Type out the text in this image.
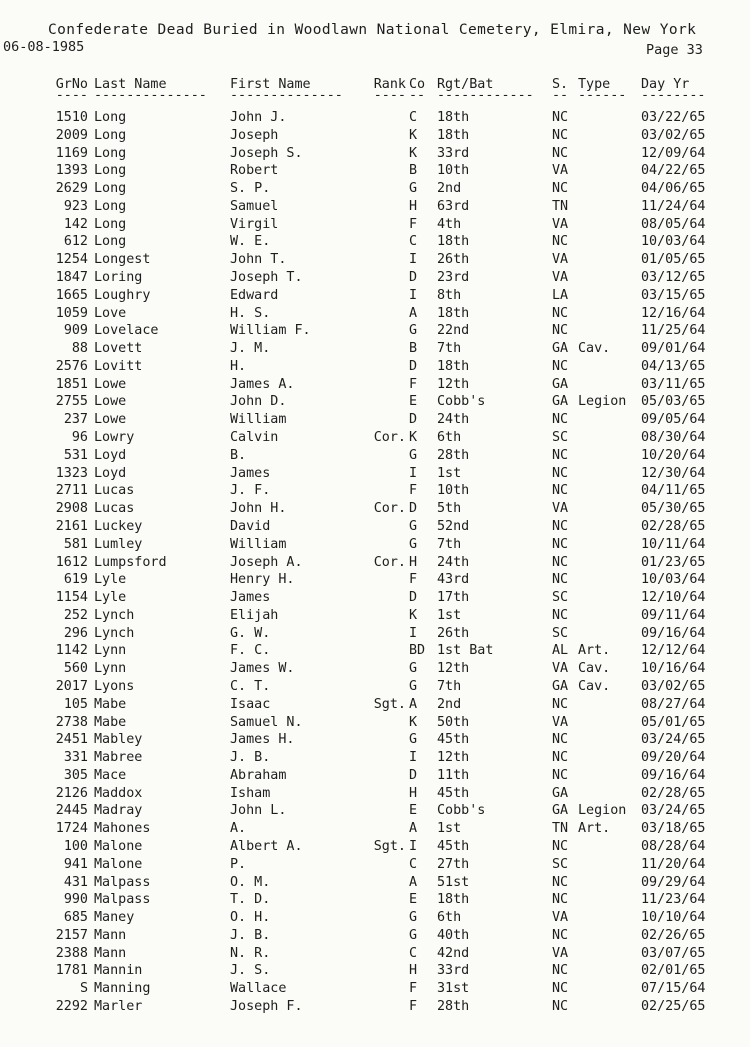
Confederate Dead Buried in Woodlawn National Cemetery, Elmira, New York
06-08-1985	Page 33
GrNo Last Name	First Name	Rank Co Rgt/Bat	S. Type Day Yr
---- -------------- --------------	---- -- ------------ -- ------ --------
1510 Long	John J.	C 18th	NC	03/22/65
2009 Long	Joseph	K 18th	NC	03/02/65
1169 Long	Joseph S.	K 33rd	NC	12/09/64
1393 Long	Robert	B 10th	VA	04/22/65
2629 Long	S. P.	G 2nd	NC	04/06/65
923 Long	Samuel	H 63rd	TN	11/24/64
142 Long	Virgil	F 4th	VA	08/05/64
612 Long	W. E.	C 18th	NC	10/03/64
1254 Longest	John T.	I 26th	VA	01/05/65
1847 Loring	Joseph T.	D 23rd	VA	03/12/65
1665 Loughry	Edward	I 8th	LA	03/15/65
1059 Love	H. S.	A 18th	NC	12/16/64
909 Lovelace	William F.	G 22nd	NC	11/25/64
88 Lovett	J. M.	B 7th	GA Cav. 09/01/64
2576 Lovitt	H.	D 18th	NC	04/13/65
1851 Lowe	James A.	F 12th	GA	03/11/65
2755 Lowe	John D.	E Cobb's	GA Legion 05/03/65
237 Lowe	William	D 24th	NC	09/05/64
96 Lowry	Calvin	Cor. K 6th	SC	08/30/64
531 Loyd	B.	G 28th	NC	10/20/64
1323 Loyd	James	I 1st	NC	12/30/64
2711 Lucas	J. F.	F 10th	NC	04/11/65
2908 Lucas	John H.	Cor. D 5th	VA	05/30/65
2161 Luckey	David	G 52nd	NC	02/28/65
581 Lumley	William	G 7th	NC	10/11/64
1612 Lumpsford	Joseph A.	Cor. H 24th	NC	01/23/65
619 Lyle	Henry H.	F 43rd	NC	10/03/64
1154 Lyle	James	D 17th	SC	12/10/64
252 Lynch	Elijah	K 1st	NC	09/11/64
296 Lynch	G. W.	I 26th	SC	09/16/64
1142 Lynn	F. C.	BD 1st Bat	AL Art. 12/12/64
560 Lynn	James W.	G 12th	VA Cav. 10/16/64
2017 Lyons	C. T.	G 7th	GA Cav. 03/02/65
105 Mabe	Isaac	Sgt. A 2nd	NC	08/27/64
2738 Mabe	Samuel N.	K 50th	VA	05/01/65
2451 Mabley	James H.	G 45th	NC	03/24/65
331 Mabree	J. B.	I 12th	NC	09/20/64
305 Mace	Abraham	D 11th	NC	09/16/64
2126 Maddox	Isham	H 45th	GA	02/28/65
2445 Madray	John L.	E Cobb's	GA Legion 03/24/65
1724 Mahones	A.	A 1st	TN Art. 03/18/65
100 Malone	Albert A.	Sgt. I 45th	NC	08/28/64
941 Malone	P.	C 27th	SC	11/20/64
431 Malpass	O. M.	A 51st	NC	09/29/64
990 Malpass	T. D.	E 18th	NC	11/23/64
685 Maney	O. H.	G 6th	VA	10/10/64
2157 Mann	J. B.	G 40th	NC	02/26/65
2388 Mann	N. R.	C 42nd	VA	03/07/65
1781 Mannin	J. S.	H 33rd	NC	02/01/65
S Manning	Wallace	F 31st	NC	07/15/64
2292 Marler	Joseph F.	F 28th	NC	02/25/65
